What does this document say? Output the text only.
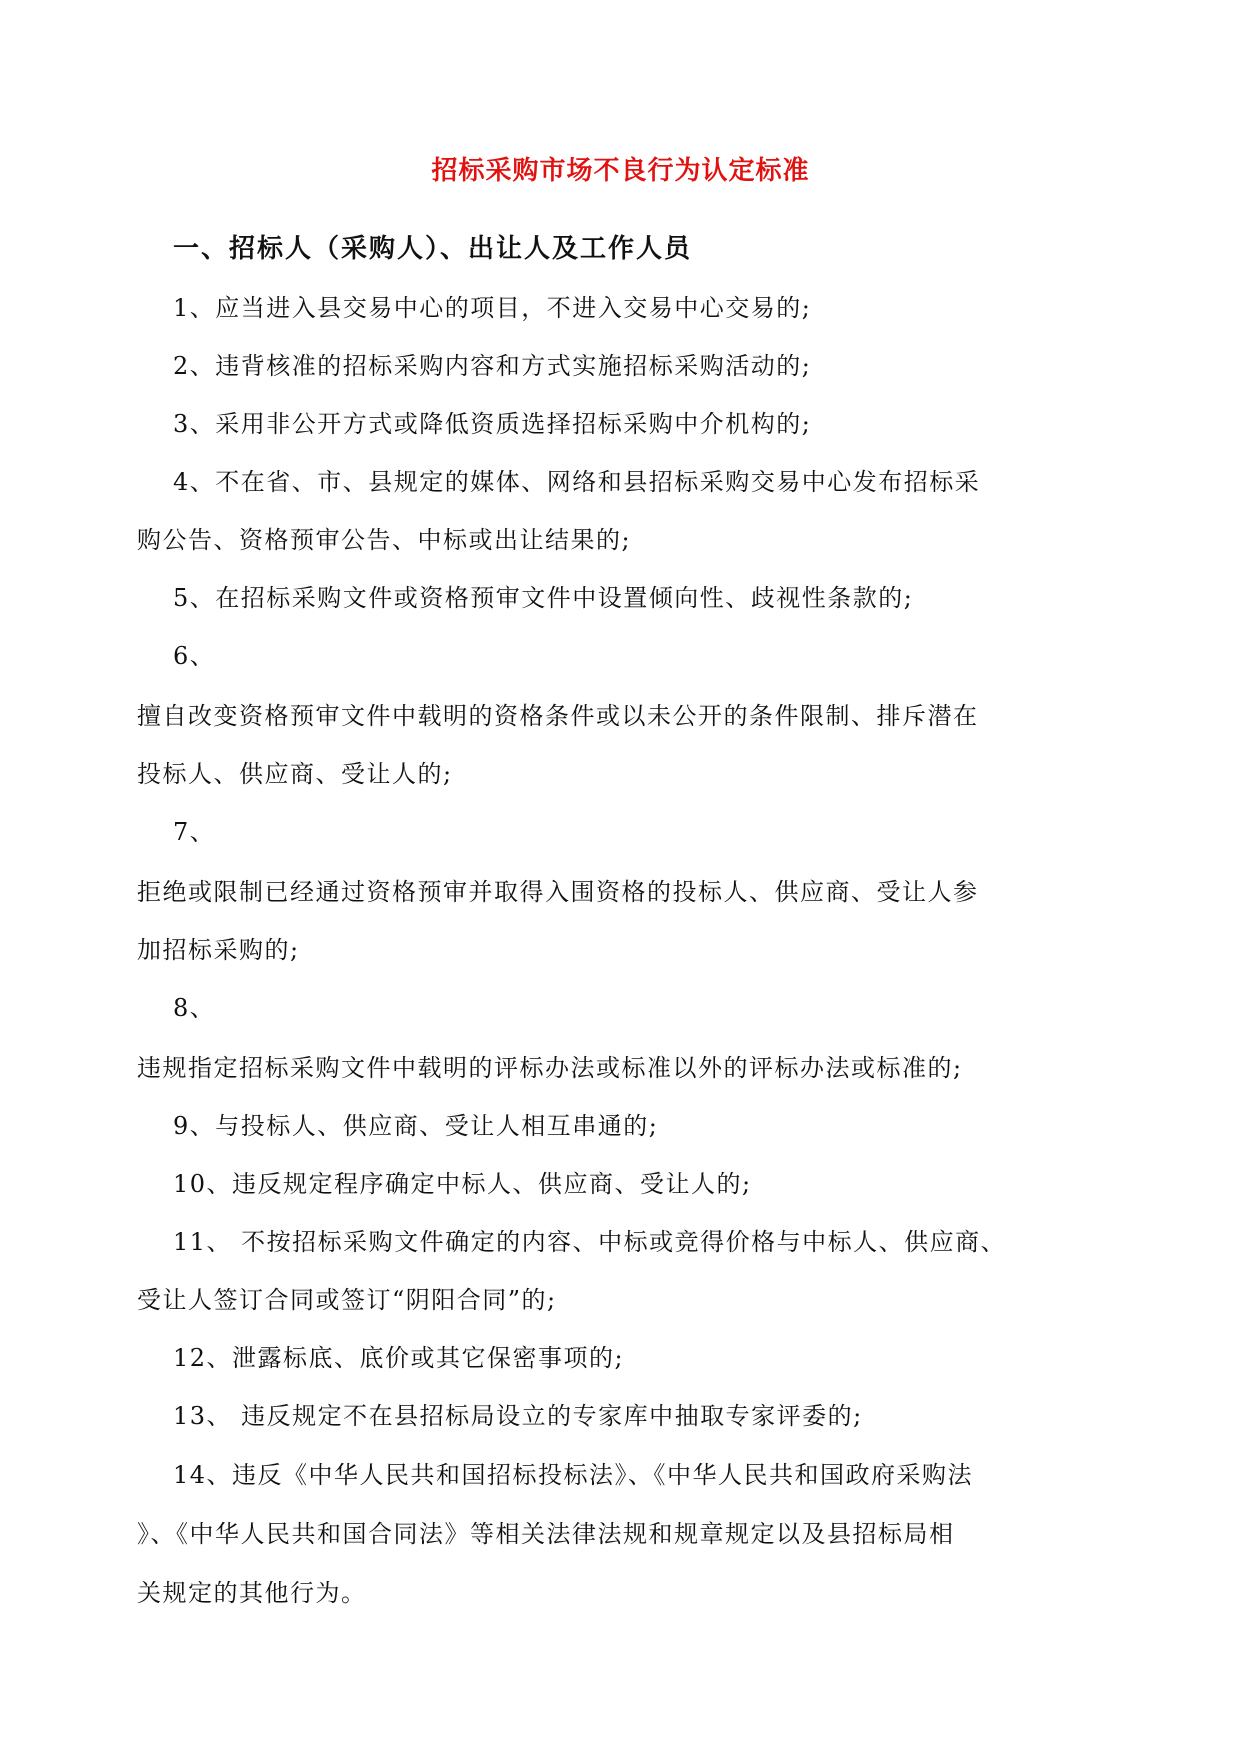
招标采购市场不良行为认定标准
一、招标人（采购人）、出让人及工作人员
1、应当进入县交易中心的项目，不进入交易中心交易的;
2、违背核准的招标采购内容和方式实施招标采购活动的;
3、采用非公开方式或降低资质选择招标采购中介机构的;
4、不在省、市、县规定的媒体、网络和县招标采购交易中心发布招标采
购公告、资格预审公告、中标或出让结果的;
5、在招标采购文件或资格预审文件中设置倾向性、歧视性条款的;
6、
擅自改变资格预审文件中载明的资格条件或以未公开的条件限制、排斥潜在
投标人、供应商、受让人的;
7、
拒绝或限制已经通过资格预审并取得入围资格的投标人、供应商、受让人参
加招标采购的;
8、
违规指定招标采购文件中载明的评标办法或标准以外的评标办法或标准的;
9、与投标人、供应商、受让人相互串通的;
10、违反规定程序确定中标人、供应商、受让人的;
11、 不按招标采购文件确定的内容、中标或竞得价格与中标人、供应商、
受让人签订合同或签订“阴阳合同”的;
12、泄露标底、底价或其它保密事项的;
13、 违反规定不在县招标局设立的专家库中抽取专家评委的;
14、违反《中华人民共和国招标投标法》、《中华人民共和国政府采购法
》、《中华人民共和国合同法》等相关法律法规和规章规定以及县招标局相
关规定的其他行为。
